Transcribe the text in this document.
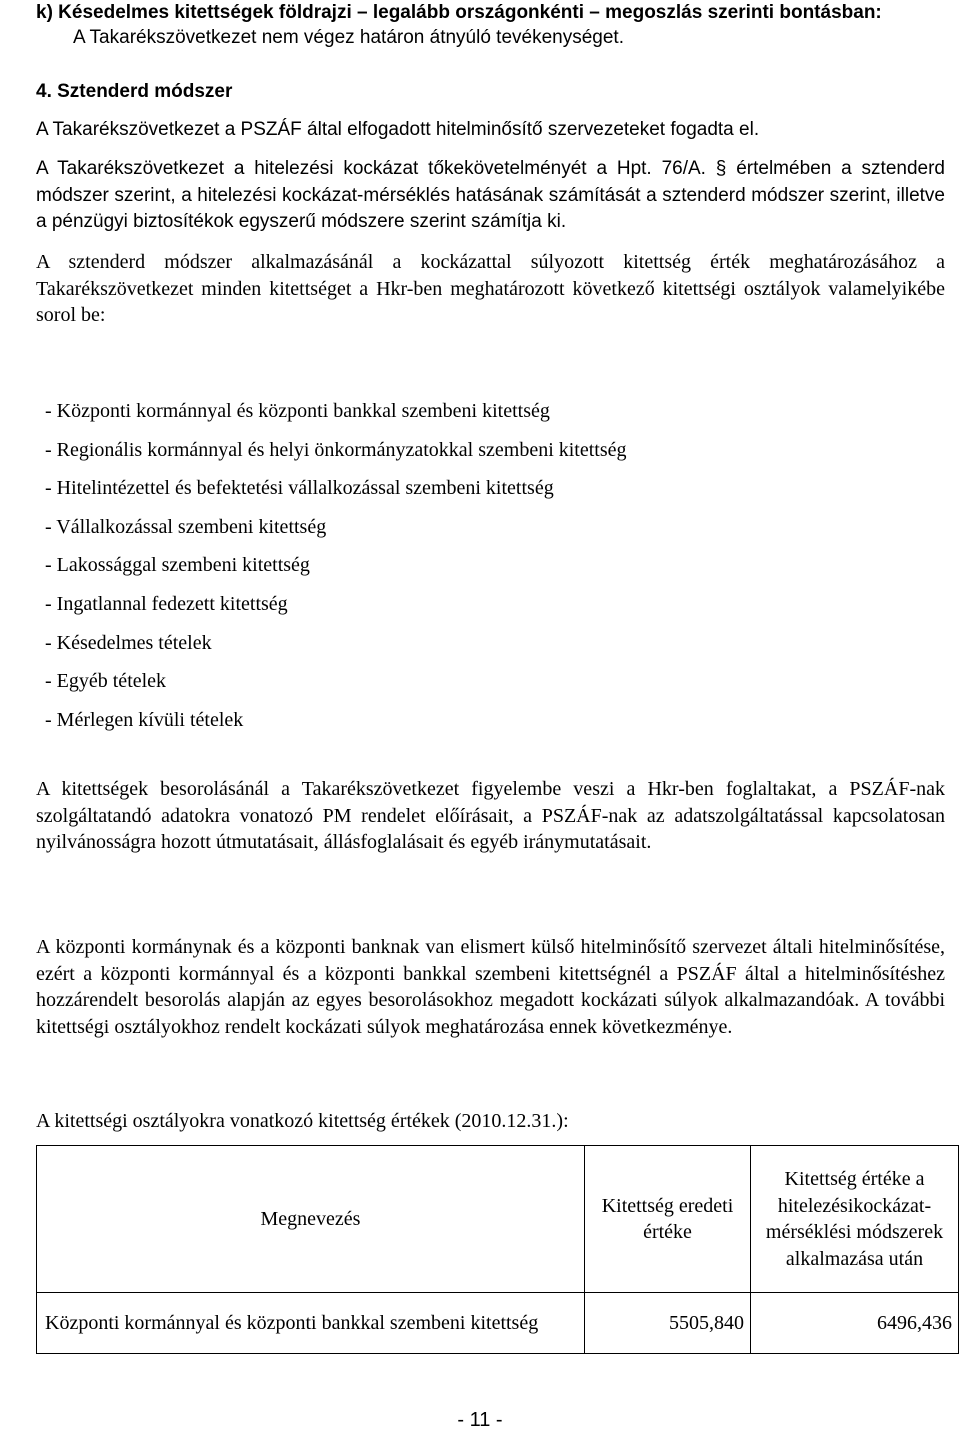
k) Késedelmes kitettségek földrajzi – legalább országonkénti – megoszlás szerinti bontásban:
A Takarékszövetkezet nem végez határon átnyúló tevékenységet.
4. Sztenderd módszer
A Takarékszövetkezet a PSZÁF által elfogadott hitelminősítő szervezeteket fogadta el.
A Takarékszövetkezet a hitelezési kockázat tőkekövetelményét a Hpt. 76/A. § értelmében a sztenderd módszer szerint, a hitelezési kockázat-mérséklés hatásának számítását a sztenderd módszer szerint, illetve a pénzügyi biztosítékok egyszerű módszere szerint számítja ki.
A sztenderd módszer alkalmazásánál a kockázattal súlyozott kitettség érték meghatározásához a Takarékszövetkezet minden kitettséget a Hkr-ben meghatározott következő kitettségi osztályok valamelyikébe sorol be:
- Központi kormánnyal és központi bankkal szembeni kitettség
- Regionális kormánnyal és helyi önkormányzatokkal szembeni kitettség
- Hitelintézettel és befektetési vállalkozással szembeni kitettség
- Vállalkozással szembeni kitettség
- Lakossággal szembeni kitettség
- Ingatlannal fedezett kitettség
- Késedelmes tételek
- Egyéb tételek
- Mérlegen kívüli tételek
A kitettségek besorolásánál a Takarékszövetkezet figyelembe veszi a Hkr-ben foglaltakat, a PSZÁF-nak szolgáltatandó adatokra vonatozó PM rendelet előírásait, a PSZÁF-nak az adatszolgáltatással kapcsolatosan nyilvánosságra hozott útmutatásait, állásfoglalásait és egyéb iránymutatásait.
A központi kormánynak és a központi banknak van elismert külső hitelminősítő szervezet általi hitelminősítése, ezért a központi kormánnyal és a központi bankkal szembeni kitettségnél a PSZÁF által a hitelminősítéshez hozzárendelt besorolás alapján az egyes besorolásokhoz megadott kockázati súlyok alkalmazandóak. A további kitettségi osztályokhoz rendelt kockázati súlyok meghatározása ennek következménye.
A kitettségi osztályokra vonatkozó kitettség értékek (2010.12.31.):
Megnevezés	Kitettség eredeti értéke	Kitettség értéke a hitelezésikockázat-mérséklési módszerek alkalmazása után
Központi kormánnyal és központi bankkal szembeni kitettség	5505,840	6496,436
- 11 -
